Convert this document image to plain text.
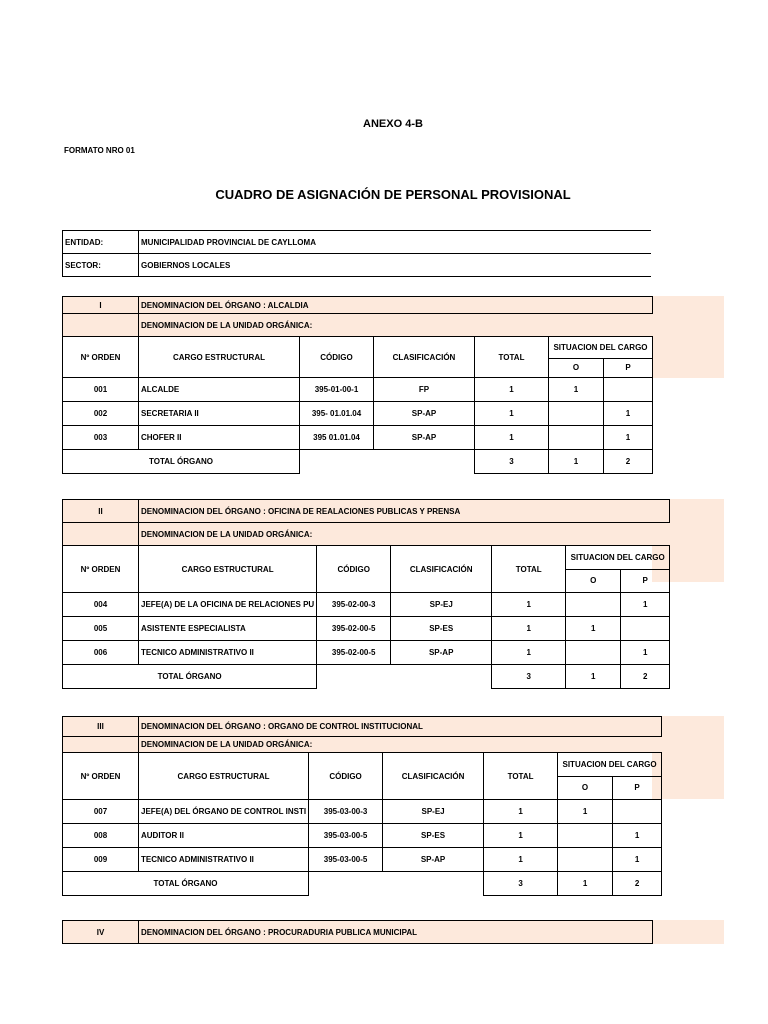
ANEXO 4-B
FORMATO NRO 01
CUADRO DE ASIGNACIÓN DE PERSONAL PROVISIONAL
ENTIDAD:	MUNICIPALIDAD PROVINCIAL DE CAYLLOMA
SECTOR:	GOBIERNOS LOCALES
I	DENOMINACION DEL ÓRGANO : ALCALDIA					
	DENOMINACION DE LA UNIDAD ORGÁNICA:					
Nº ORDEN	CARGO ESTRUCTURAL	CÓDIGO	CLASIFICACIÓN	TOTAL	SITUACION DEL CARGO	
					O	P
001	ALCALDE	395-01-00-1	FP	1	1	
002	SECRETARIA II	395- 01.01.04	SP-AP	1		1
003	CHOFER II	395 01.01.04	SP-AP	1		1
TOTAL ÓRGANO				3	1	2
II	DENOMINACION DEL ÓRGANO : OFICINA DE REALACIONES PUBLICAS Y PRENSA					
	DENOMINACION DE LA UNIDAD ORGÁNICA:					
Nº ORDEN	CARGO ESTRUCTURAL	CÓDIGO	CLASIFICACIÓN	TOTAL	SITUACION DEL CARGO	
					O	P
004	JEFE(A) DE LA OFICINA DE RELACIONES PU	395-02-00-3	SP-EJ	1		1
005	ASISTENTE ESPECIALISTA	395-02-00-5	SP-ES	1	1	
006	TECNICO ADMINISTRATIVO II	395-02-00-5	SP-AP	1		1
TOTAL ÓRGANO				3	1	2
III	DENOMINACION DEL ÓRGANO : ORGANO DE CONTROL INSTITUCIONAL					
	DENOMINACION DE LA UNIDAD ORGÁNICA:					
Nº ORDEN	CARGO ESTRUCTURAL	CÓDIGO	CLASIFICACIÓN	TOTAL	SITUACION DEL CARGO	
					O	P
007	JEFE(A) DEL ÓRGANO DE CONTROL INSTI	395-03-00-3	SP-EJ	1	1	
008	AUDITOR II	395-03-00-5	SP-ES	1		1
009	TECNICO ADMINISTRATIVO II	395-03-00-5	SP-AP	1		1
TOTAL ÓRGANO				3	1	2
IV	DENOMINACION DEL ÓRGANO : PROCURADURIA PUBLICA MUNICIPAL
